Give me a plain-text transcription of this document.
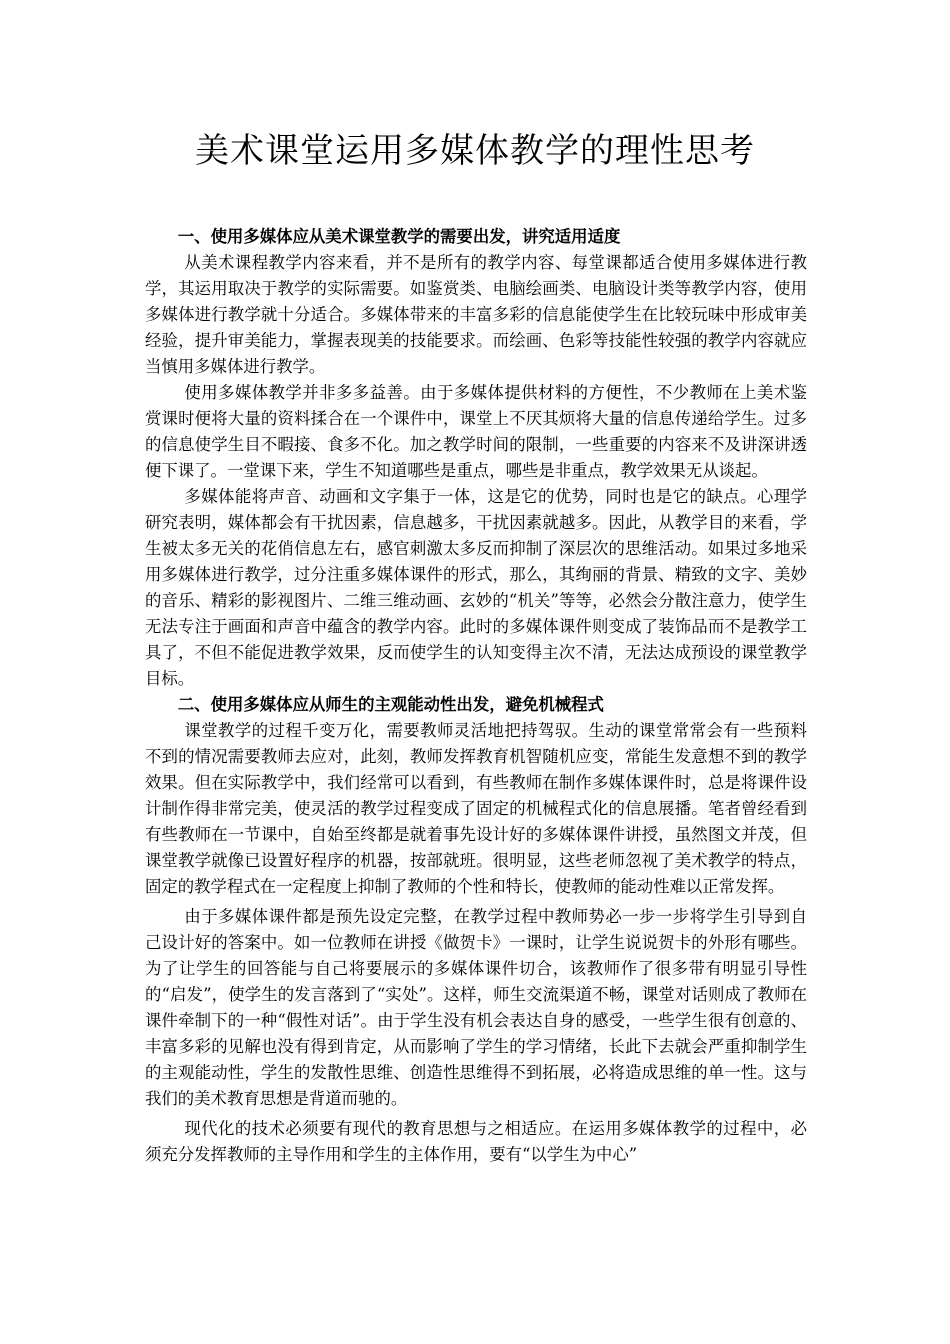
美术课堂运用多媒体教学的理性思考
一、使用多媒体应从美术课堂教学的需要出发，讲究适用适度

从美术课程教学内容来看，并不是所有的教学内容、每堂课都适合使用多媒体进行教学，其运用取决于教学的实际需要。如鉴赏类、电脑绘画类、电脑设计类等教学内容，使用多媒体进行教学就十分适合。多媒体带来的丰富多彩的信息能使学生在比较玩味中形成审美经验，提升审美能力，掌握表现美的技能要求。而绘画、色彩等技能性较强的教学内容就应当慎用多媒体进行教学。

使用多媒体教学并非多多益善。由于多媒体提供材料的方便性，不少教师在上美术鉴赏课时便将大量的资料揉合在一个课件中，课堂上不厌其烦将大量的信息传递给学生。过多的信息使学生目不暇接、食多不化。加之教学时间的限制，一些重要的内容来不及讲深讲透便下课了。一堂课下来，学生不知道哪些是重点，哪些是非重点，教学效果无从谈起。

多媒体能将声音、动画和文字集于一体，这是它的优势，同时也是它的缺点。心理学研究表明，媒体都会有干扰因素，信息越多，干扰因素就越多。因此，从教学目的来看，学生被太多无关的花俏信息左右，感官刺激太多反而抑制了深层次的思维活动。如果过多地采用多媒体进行教学，过分注重多媒体课件的形式，那么，其绚丽的背景、精致的文字、美妙的音乐、精彩的影视图片、二维三维动画、玄妙的“机关”等等，必然会分散注意力，使学生无法专注于画面和声音中蕴含的教学内容。此时的多媒体课件则变成了装饰品而不是教学工具了，不但不能促进教学效果，反而使学生的认知变得主次不清，无法达成预设的课堂教学目标。

二、使用多媒体应从师生的主观能动性出发，避免机械程式

课堂教学的过程千变万化，需要教师灵活地把持驾驭。生动的课堂常常会有一些预料不到的情况需要教师去应对，此刻，教师发挥教育机智随机应变，常能生发意想不到的教学效果。但在实际教学中，我们经常可以看到，有些教师在制作多媒体课件时，总是将课件设计制作得非常完美，使灵活的教学过程变成了固定的机械程式化的信息展播。笔者曾经看到有些教师在一节课中，自始至终都是就着事先设计好的多媒体课件讲授，虽然图文并茂，但课堂教学就像已设置好程序的机器，按部就班。很明显，这些老师忽视了美术教学的特点，固定的教学程式在一定程度上抑制了教师的个性和特长，使教师的能动性难以正常发挥。

由于多媒体课件都是预先设定完整，在教学过程中教师势必一步一步将学生引导到自己设计好的答案中。如一位教师在讲授《做贺卡》一课时，让学生说说贺卡的外形有哪些。为了让学生的回答能与自己将要展示的多媒体课件切合，该教师作了很多带有明显引导性的“启发”，使学生的发言落到了“实处”。这样，师生交流渠道不畅，课堂对话则成了教师在课件牵制下的一种“假性对话”。由于学生没有机会表达自身的感受，一些学生很有创意的、丰富多彩的见解也没有得到肯定，从而影响了学生的学习情绪，长此下去就会严重抑制学生的主观能动性，学生的发散性思维、创造性思维得不到拓展，必将造成思维的单一性。这与我们的美术教育思想是背道而驰的。

现代化的技术必须要有现代的教育思想与之相适应。在运用多媒体教学的过程中，必须充分发挥教师的主导作用和学生的主体作用，要有“以学生为中心”
